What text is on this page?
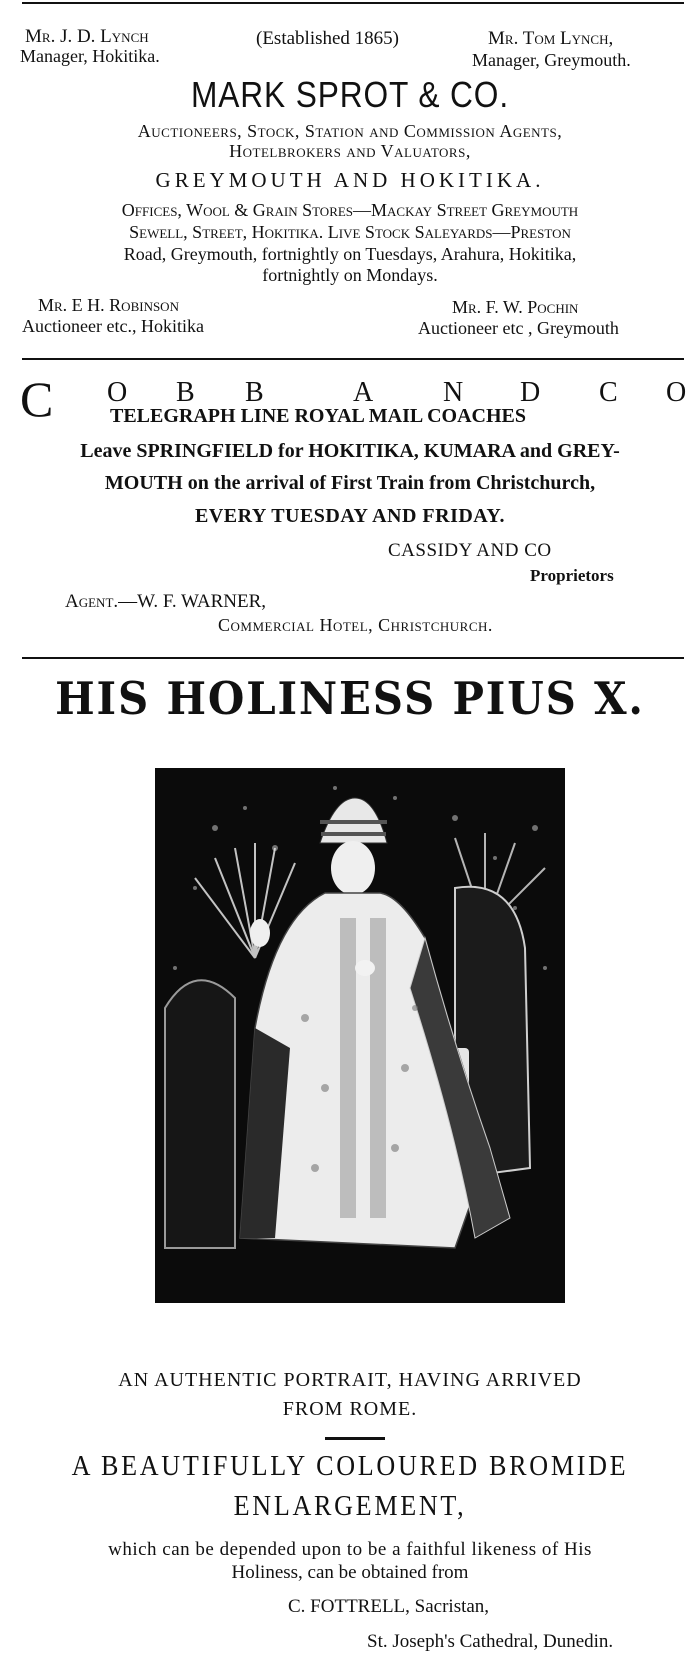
Mr. J. D. Lynch
Manager, Hokitika.
(Established 1865)	Mr. Tom Lynch,
Manager, Greymouth.
MARK SPROT & CO.
Auctioneers, Stock, Station and Commission Agents,
Hotelbrokers and Valuators,
GREYMOUTH AND HOKITIKA.
Offices, Wool & Grain Stores—Mackay Street Greymouth
Sewell, Street, Hokitika. Live Stock Saleyards—Preston
Road, Greymouth, fortnightly on Tuesdays, Arahura, Hokitika,
fortnightly on Mondays.
Mr. E H. Robinson
Auctioneer etc., Hokitika
Mr. F. W. Pochin
Auctioneer etc , Greymouth
C O B B	A N D C O
TELEGRAPH LINE ROYAL MAIL COACHES
Leave SPRINGFIELD for HOKITIKA, KUMARA and GREY-
MOUTH on the arrival of First Train from Christchurch,
EVERY TUESDAY AND FRIDAY.
CASSIDY AND CO
Proprietors
Agent.—W. F. WARNER,
Commercial Hotel, Christchurch.
HIS HOLINESS PIUS X.
AN AUTHENTIC PORTRAIT, HAVING ARRIVED
FROM ROME.
A BEAUTIFULLY COLOURED BROMIDE
ENLARGEMENT,
which can be depended upon to be a faithful likeness of His
Holiness, can be obtained from
C. FOTTRELL, Sacristan,
St. Joseph's Cathedral, Dunedin.
